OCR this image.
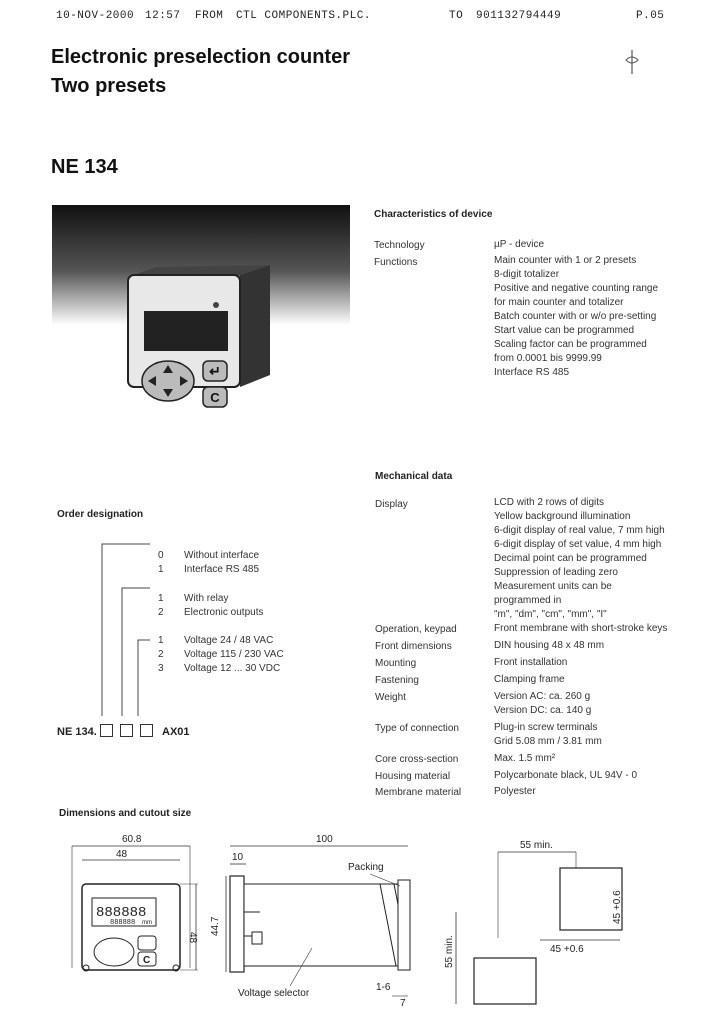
10-NOV-2000 12:57 FROM CTL COMPONENTS.PLC.	TO 901132794449	P.05
Electronic preselection counter
Two presets
NE 134
↵
C
Characteristics of device
Technology	µP - device
Functions	Main counter with 1 or 2 presets
8-digit totalizer
Positive and negative counting range
for main counter and totalizer
Batch counter with or w/o pre-setting
Start value can be programmed
Scaling factor can be programmed
from 0.0001 bis 9999.99
Interface RS 485
Mechanical data
Display	LCD with 2 rows of digits
Yellow background illumination
6-digit display of real value, 7 mm high
6-digit display of set value, 4 mm high
Decimal point can be programmed
Suppression of leading zero
Measurement units can be
programmed in
"m", "dm", "cm", "mm", "I"
Operation, keypad	Front membrane with short-stroke keys
Front dimensions	DIN housing 48 x 48 mm
Mounting	Front installation
Fastening	Clamping frame
Weight	Version AC: ca. 260 g
Version DC: ca. 140 g
Type of connection	Plug-in screw terminals
Grid 5.08 mm / 3.81 mm
Core cross-section	Max. 1.5 mm²
Housing material	Polycarbonate black, UL 94V - 0
Membrane material	Polyester
Order designation
0 Without interface
1 Interface RS 485
1 With relay
2 Electronic outputs
1 Voltage 24 / 48 VAC
2 Voltage 115 / 230 VAC
3 Voltage 12 ... 30 VDC
NE 134.	AX01
Dimensions and cutout size
60.8
48
888888
888888 mm
C
48
100
10
44.7
Packing
Voltage selector
1-6
7
55 min.
45 +0.6
45 +0.6
55 min.
